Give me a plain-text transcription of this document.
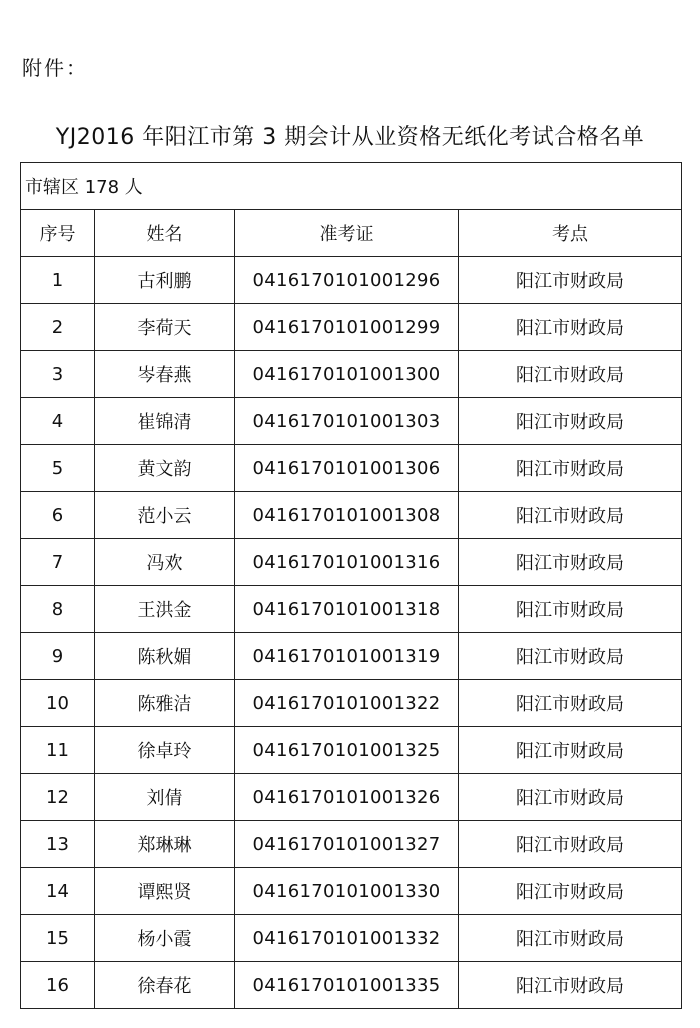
附件：
YJ2016 年阳江市第 3 期会计从业资格无纸化考试合格名单
市辖区 178 人			
序号	姓名	准考证	考点
1	古利鹏	0416170101001296	阳江市财政局
2	李荷天	0416170101001299	阳江市财政局
3	岑春燕	0416170101001300	阳江市财政局
4	崔锦清	0416170101001303	阳江市财政局
5	黄文韵	0416170101001306	阳江市财政局
6	范小云	0416170101001308	阳江市财政局
7	冯欢	0416170101001316	阳江市财政局
8	王洪金	0416170101001318	阳江市财政局
9	陈秋媚	0416170101001319	阳江市财政局
10	陈雅洁	0416170101001322	阳江市财政局
11	徐卓玲	0416170101001325	阳江市财政局
12	刘倩	0416170101001326	阳江市财政局
13	郑琳琳	0416170101001327	阳江市财政局
14	谭熙贤	0416170101001330	阳江市财政局
15	杨小霞	0416170101001332	阳江市财政局
16	徐春花	0416170101001335	阳江市财政局
